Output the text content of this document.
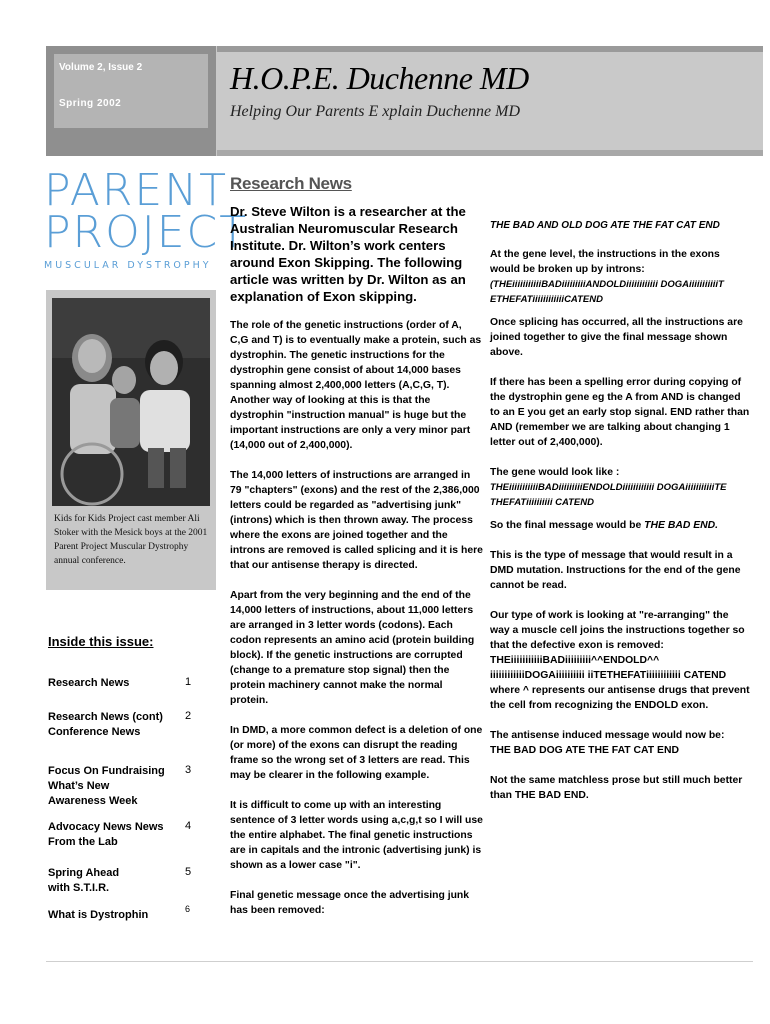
Volume 2, Issue 2
Spring 2002
H.O.P.E. Duchenne MD
Helping Our Parents E xplain Duchenne MD
PARENT
PROJECT
MUSCULAR DYSTROPHY
Kids for Kids Project cast member Ali Stoker with the Mesick boys at the 2001 Parent Project Muscular Dystrophy annual conference.
Inside this issue:
Research News	1
Research News (cont) Conference News
2
Focus On Fundraising What’s New Awareness Week
3
Advocacy News News From the Lab
4
Spring Ahead with S.T.I.R.
5
What is Dystrophin	6
Research News
Dr. Steve Wilton is a researcher at the Australian Neuromuscular Research Institute. Dr. Wilton’s work centers around Exon Skipping. The following article was written by Dr. Wilton as an explanation of Exon skipping.

The role of the genetic instructions (order of A, C,G and T) is to eventually make a protein, such as dystrophin. The genetic instructions for the dystrophin gene consist of about 14,000 bases spanning almost 2,400,000 letters (A,C,G, T). Another way of looking at this is that the dystrophin "instruction manual" is huge but the important instructions are only a very minor part (14,000 out of 2,400,000).

The 14,000 letters of instructions are arranged in 79 "chapters" (exons) and the rest of the 2,386,000 letters could be regarded as "advertising junk" (introns) which is then thrown away. The process where the exons are joined together and the introns are removed is called splicing and it is here that our antisense therapy is directed.

Apart from the very beginning and the end of the 14,000 letters of instructions, about 11,000 letters are arranged in 3 letter words (codons). Each codon represents an amino acid (protein building block). If the genetic instructions are corrupted (change to a premature stop signal) then the protein machinery cannot make the normal protein.

In DMD, a more common defect is a deletion of one (or more) of the exons can disrupt the reading frame so the wrong set of 3 letters are read. This may be clearer in the following example.

It is difficult to come up with an interesting sentence of 3 letter words using a,c,g,t so I will use the entire alphabet. The final genetic instructions are in capitals and the intronic (advertising junk) is shown as a lower case "i".

Final genetic message once the advertising junk has been removed:

THE BAD AND OLD DOG ATE THE FAT CAT END

At the gene level, the instructions in the exons would be broken up by introns:
(THEiiiiiiiiiiiBADiiiiiiiiiANDOLDiiiiiiiiiiii DOGAiiiiiiiiiiiT ETHEFATiiiiiiiiiiiiCATEND

Once splicing has occurred, all the instructions are joined together to give the final message shown above.

If there has been a spelling error during copying of the dystrophin gene eg the A from AND is changed to an E you get an early stop signal. END rather than AND (remember we are talking about changing 1 letter out of 2,400,000).

The gene would look like :
THEiiiiiiiiiiiBADiiiiiiiiiENDOLDiiiiiiiiiiii DOGAiiiiiiiiiiiTE THEFATiiiiiiiiii CATEND

So the final message would be THE BAD END.

This is the type of message that would result in a DMD mutation. Instructions for the end of the gene cannot be read.

Our type of work is looking at "re-arranging" the way a muscle cell joins the instructions together so that the defective exon is removed:
THEiiiiiiiiiiiBADiiiiiiiii^^ENDOLD^^ iiiiiiiiiiiiDOGAiiiiiiiiii iiTETHEFATiiiiiiiiiiii CATEND
where ^ represents our antisense drugs that prevent the cell from recognizing the ENDOLD exon.

The antisense induced message would now be:
THE BAD DOG ATE THE FAT CAT END

Not the same matchless prose but still much better than THE BAD END.
